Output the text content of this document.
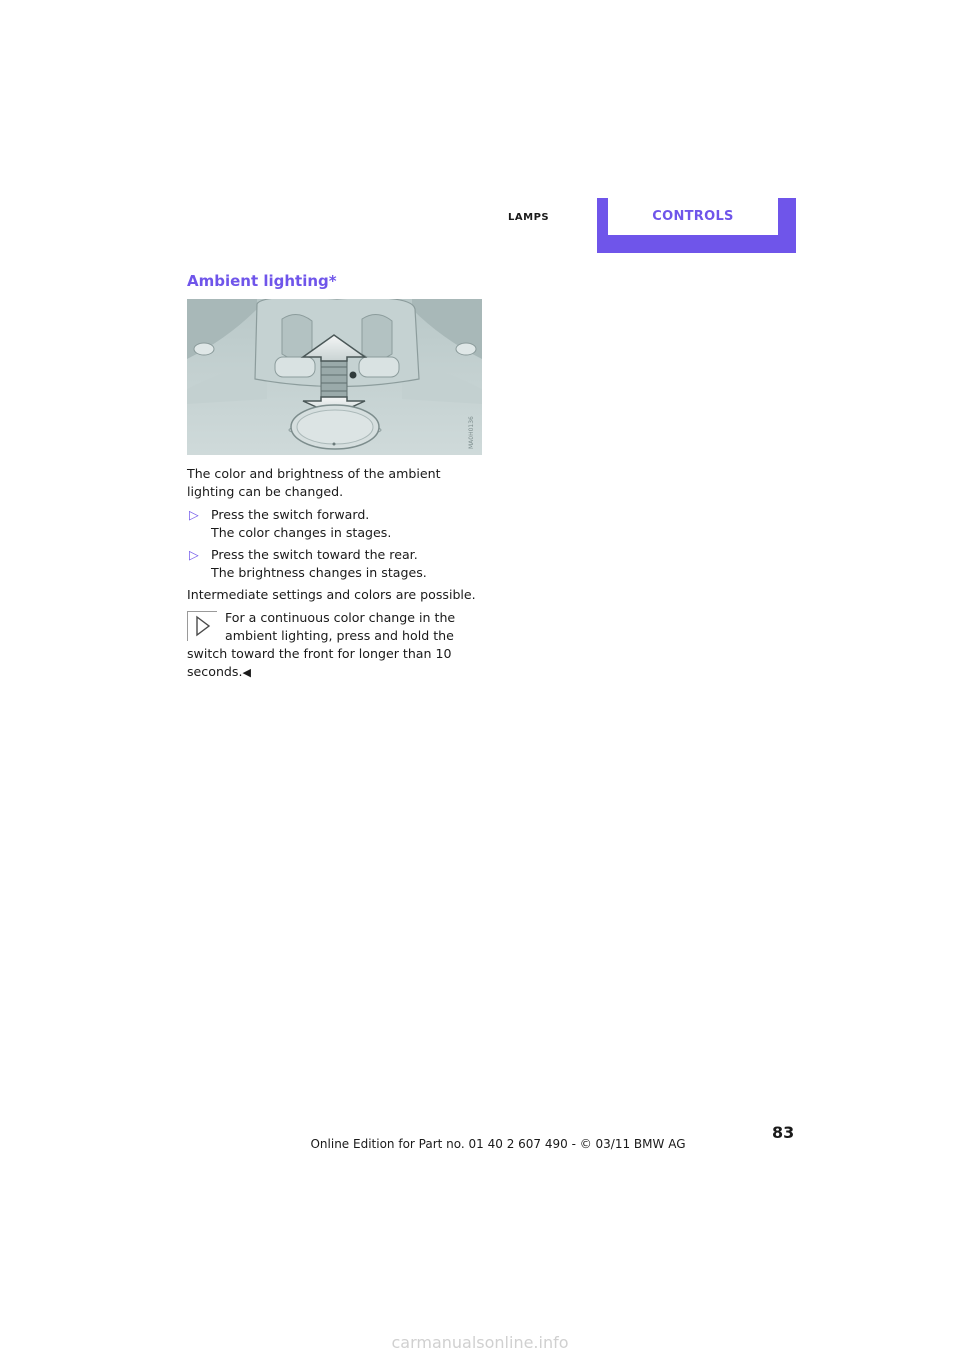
LAMPS	CONTROLS
Ambient lighting*
MA0H0136

The color and brightness of the ambient lighting can be changed.

▷ Press the switch forward.
The color changes in stages.
▷ Press the switch toward the rear.
The brightness changes in stages.

Intermediate settings and colors are possible.

For a continuous color change in the ambient lighting, press and hold the switch toward the front for longer than 10 seconds.◀
83
Online Edition for Part no. 01 40 2 607 490 - © 03/11 BMW AG
carmanualsonline.info
